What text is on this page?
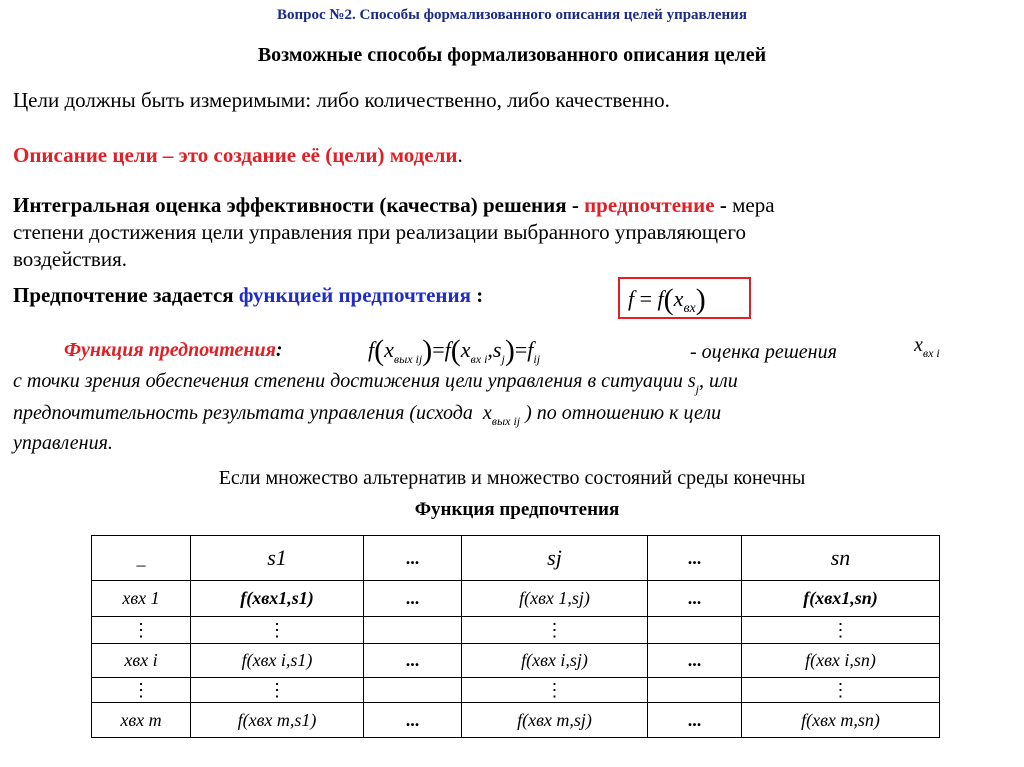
Вопрос №2. Способы формализованного описания целей управления
Возможные способы формализованного описания целей
Цели должны быть измеримыми: либо количественно, либо качественно.
Описание цели – это создание её (цели) модели.
Интегральная оценка эффективности (качества) решения - предпочтение - мера
степени достижения цели управления при реализации выбранного управляющего
воздействия.
Предпочтение задается функцией предпочтения :	$f = f(x_{вх})$
Функция предпочтения:	$f(x_{вых ij})=f(x_{вх i},s_j)=f_{ij}$	- оценка решения	$x_{вх i}$
с точки зрения обеспечения степени достижения цели управления в ситуации $s_j$, или
предпочтительность результата управления (исхода $x_{вых ij}$ ) по отношению к цели
управления.
Если множество альтернатив и множество состояний среды конечны
Функция предпочтения
_	s1	...	sj	...	sn
xвх 1	f(xвх1,s1)	...	f(xвх 1,sj)	...	f(xвх1,sn)
⋮	⋮		⋮		⋮
xвх i	f(xвх i,s1)	...	f(xвх i,sj)	...	f(xвх i,sn)
⋮	⋮		⋮		⋮
xвх m	f(xвх m,s1)	...	f(xвх m,sj)	...	f(xвх m,sn)
